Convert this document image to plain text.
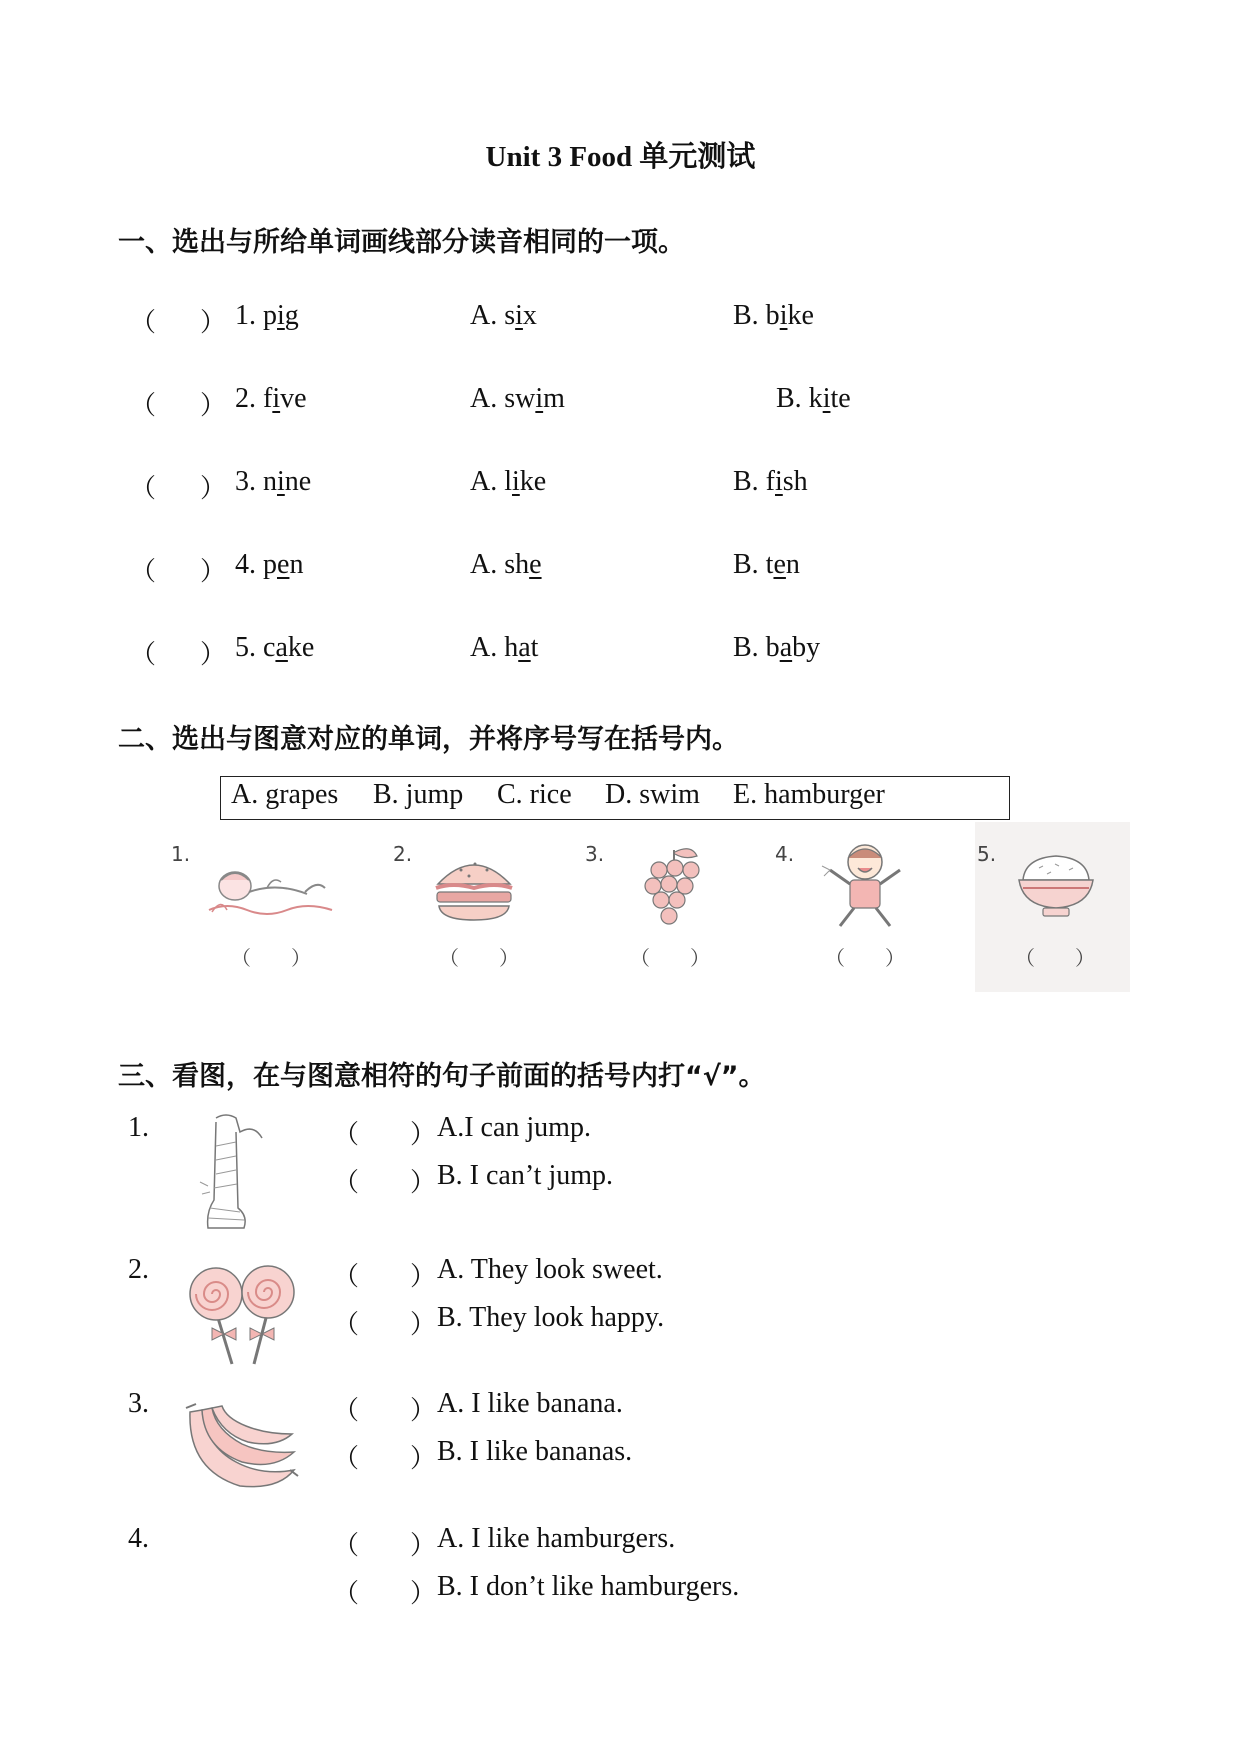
Unit 3 Food 单元测试
一、选出与所给单词画线部分读音相同的一项。
（ ） 1. pig	A. six	B. bike
（ ） 2. five	A. swim	B. kite
（ ） 3. nine	A. like	B. fish
（ ） 4. pen	A. she	B. ten
（ ） 5. cake	A. hat	B. baby
二、选出与图意对应的单词，并将序号写在括号内。
A. grapes B. jump C. rice D. swim E. hamburger
1.
（　　）
2.
（　　）
3.
（　　）
4.
（　　）
5.
（　　）
三、看图，在与图意相符的句子前面的括号内打“√”。
1.	（ ） A.I can jump.
（ ） B. I can’t jump.
2.	（ ） A. They look sweet.
（ ） B. They look happy.
3.	（ ） A. I like banana.
（ ） B. I like bananas.
4.	（ ） A. I like hamburgers.
（ ） B. I don’t like hamburgers.
